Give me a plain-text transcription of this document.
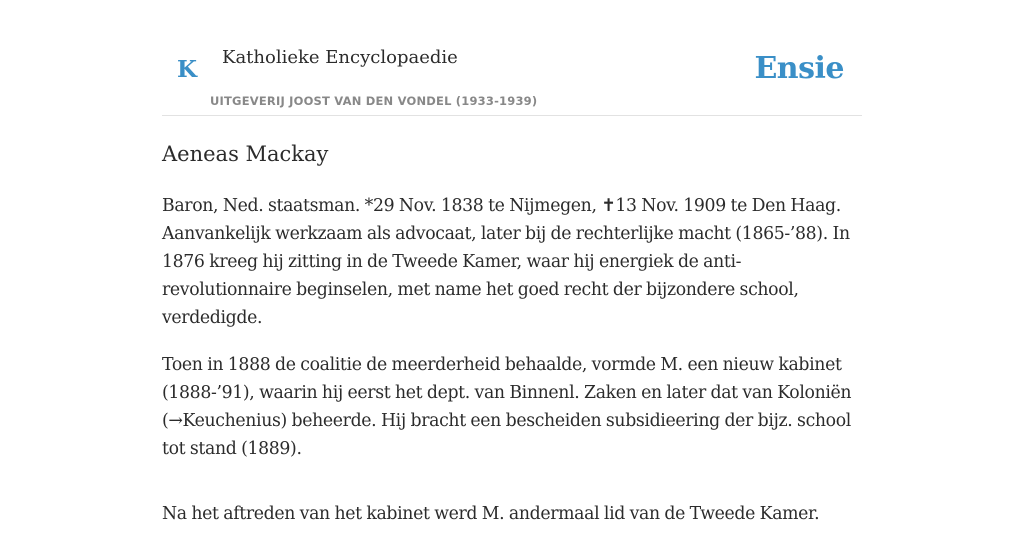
K Katholieke Encyclopaedie
UITGEVERIJ JOOST VAN DEN VONDEL (1933-1939)
Ensie
Aeneas Mackay

Baron, Ned. staatsman. *29 Nov. 1838 te Nijmegen, ✝13 Nov. 1909 te Den Haag. Aanvankelijk werkzaam als advocaat, later bij de rechterlijke macht (1865-’88). In 1876 kreeg hij zitting in de Tweede Kamer, waar hij energiek de anti-revolutionnaire beginselen, met name het goed recht der bijzondere school, verdedigde.

Toen in 1888 de coalitie de meerderheid behaalde, vormde M. een nieuw kabinet (1888-’91), waarin hij eerst het dept. van Binnenl. Zaken en later dat van Koloniën (→Keuchenius) beheerde. Hij bracht een bescheiden subsidieering der bijz. school tot stand (1889).

Na het aftreden van het kabinet werd M. andermaal lid van de Tweede Kamer.
